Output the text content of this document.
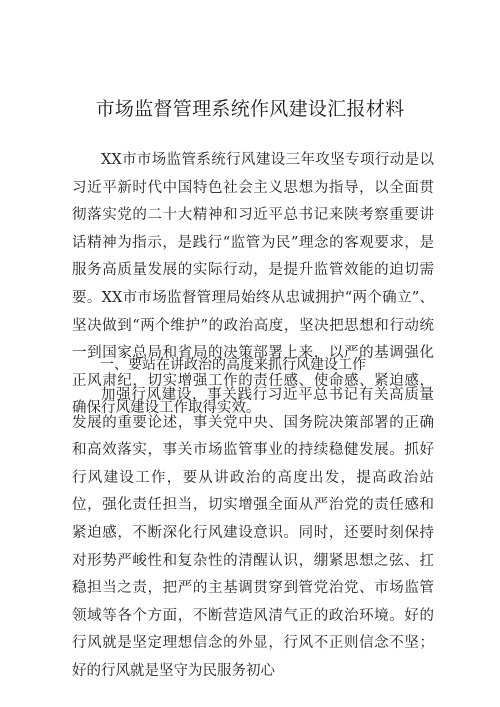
市场监督管理系统作风建设汇报材料

XX市市场监管系统行风建设三年攻坚专项行动是以习近平新时代中国特色社会主义思想为指导，以全面贯彻落实党的二十大精神和习近平总书记来陕考察重要讲话精神为指示，是践行“监管为民”理念的客观要求，是服务高质量发展的实际行动，是提升监管效能的迫切需要。XX市市场监督管理局始终从忠诚拥护“两个确立”、坚决做到“两个维护”的政治高度，坚决把思想和行动统一到国家总局和省局的决策部署上来，以严的基调强化正风肃纪，切实增强工作的责任感、使命感、紧迫感，确保行风建设工作取得实效。

一、要站在讲政治的高度来抓行风建设工作

加强行风建设，事关践行习近平总书记有关高质量发展的重要论述，事关党中央、国务院决策部署的正确和高效落实，事关市场监管事业的持续稳健发展。抓好行风建设工作，要从讲政治的高度出发，提高政治站位，强化责任担当，切实增强全面从严治党的责任感和紧迫感，不断深化行风建设意识。同时，还要时刻保持对形势严峻性和复杂性的清醒认识，绷紧思想之弦、扛稳担当之责，把严的主基调贯穿到管党治党、市场监管领域等各个方面，不断营造风清气正的政治环境。好的行风就是坚定理想信念的外显，行风不正则信念不坚；好的行风就是坚守为民服务初心
